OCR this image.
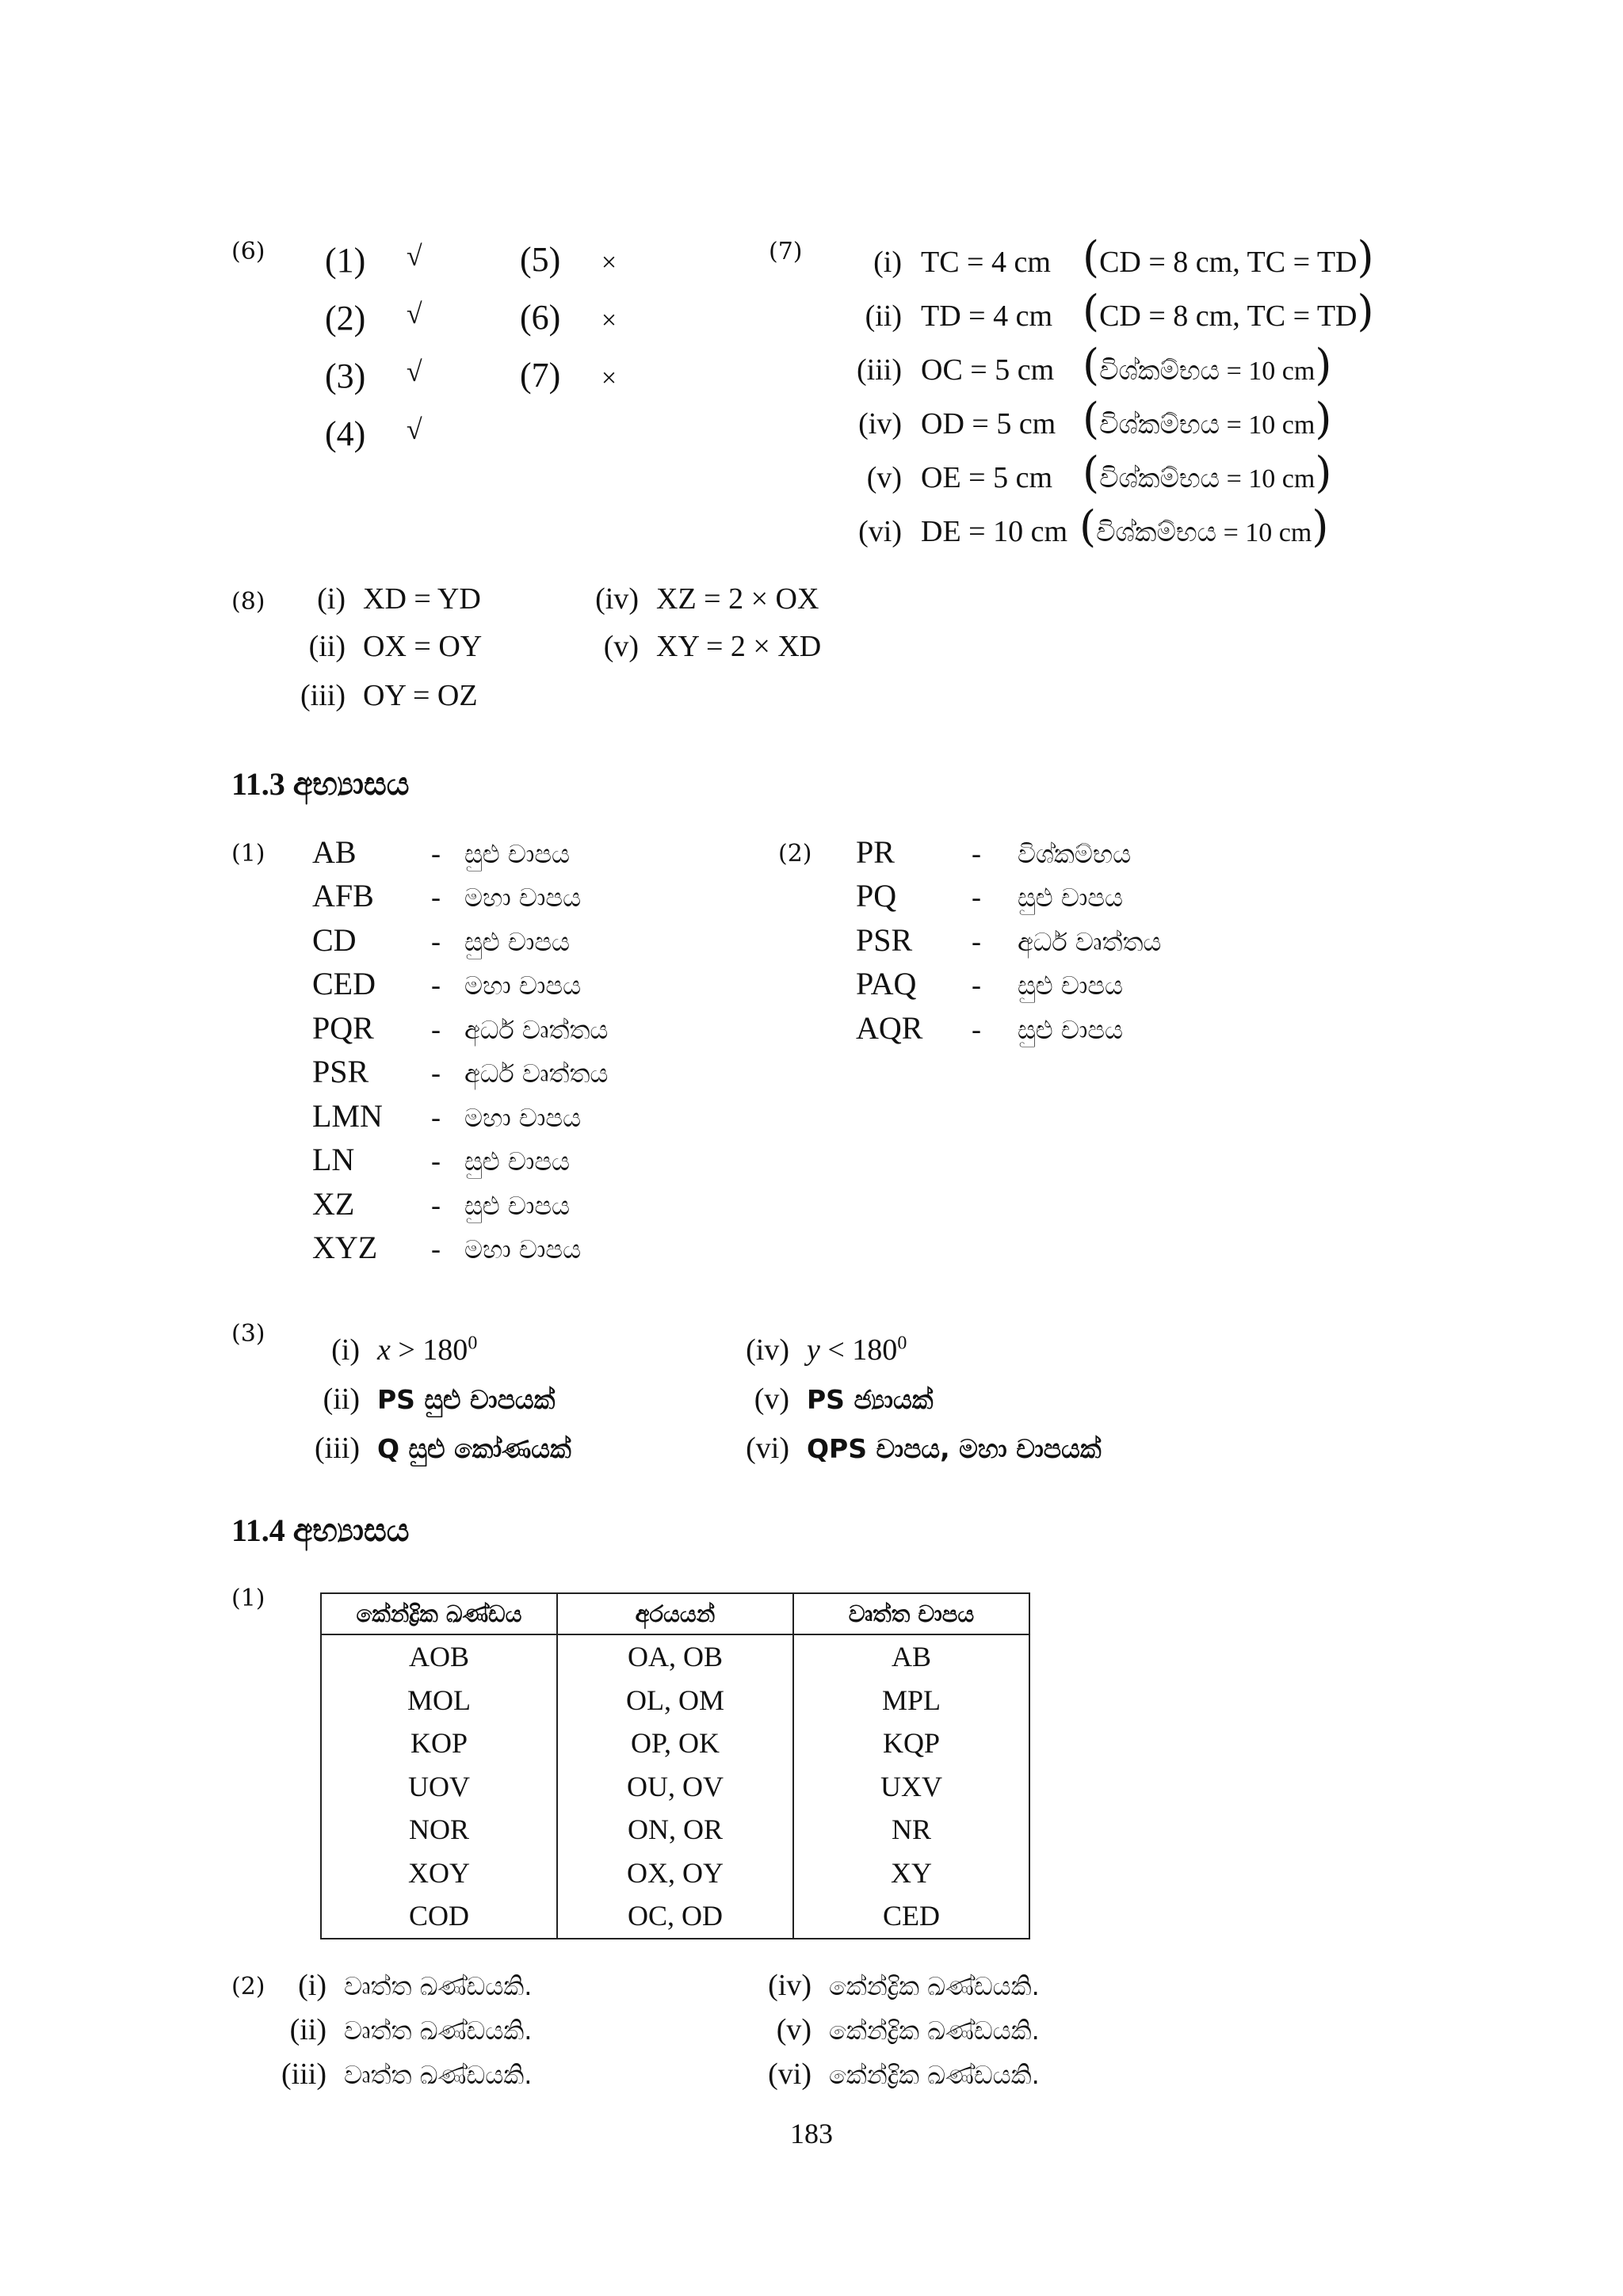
(6) (1) √
(2) √
(3) √
(4) √
(5) ×
(6) ×
(7) ×
(7)	(i) TC = 4 cm ( CD = 8 cm, TC = TD )
(ii) TD = 4 cm ( CD = 8 cm, TC = TD )
(iii) OC = 5 cm ( විශ්කම්භය = 10 cm )
(iv) OD = 5 cm ( විශ්කම්භය = 10 cm )
(v) OE = 5 cm ( විශ්කම්භය = 10 cm )
(vi) DE = 10 cm ( විශ්කම්භය = 10 cm )
(8)	(i) XD = YD
(ii) OX = OY
(iii) OY = OZ
(iv) XZ = 2 × OX
(v) XY = 2 × XD
11.3 අභ්‍යාසය
(1) AB	- සුළු චාපය
AFB	- මහා චාපය
CD	- සුළු චාපය
CED	- මහා චාපය
PQR	- අර්ධ වෘත්තය
PSR	- අර්ධ වෘත්තය
LMN	- මහා චාපය
LN	- සුළු චාපය
XZ	- සුළු චාපය
XYZ	- මහා චාපය
(2) PR	-	විශ්කම්භය
PQ	-	සුළු චාපය
PSR	-	අර්ධ වෘත්තය
PAQ	-	සුළු චාපය
AQR	-	සුළු චාපය
(3)	(i) $x > 180^0$
(ii) PS සුළු චාපයක්
(iii) Q සුළු කෝණයක්
(iv) $y < 180^0$
(v) PS ජ්‍යායක්
(vi) QPS චාපය, මහා චාපයක්
11.4 අභ්‍යාසය
(1)
කේන්ද්‍රික ඛණ්ඩය	අරයයන්	වෘත්ත චාපය
AOB	OA, OB	AB
MOL	OL, OM	MPL
KOP	OP, OK	KQP
UOV	OU, OV	UXV
NOR	ON, OR	NR
XOY	OX, OY	XY
COD	OC, OD	CED
(2)	(i) වෘත්ත ඛණ්ඩයකි.
(ii) වෘත්ත ඛණ්ඩයකි.
(iii) වෘත්ත ඛණ්ඩයකි.
(iv) කේන්ද්‍රික ඛණ්ඩයකි.
(v) කේන්ද්‍රික ඛණ්ඩයකි.
(vi) කේන්ද්‍රික ඛණ්ඩයකි.
183
